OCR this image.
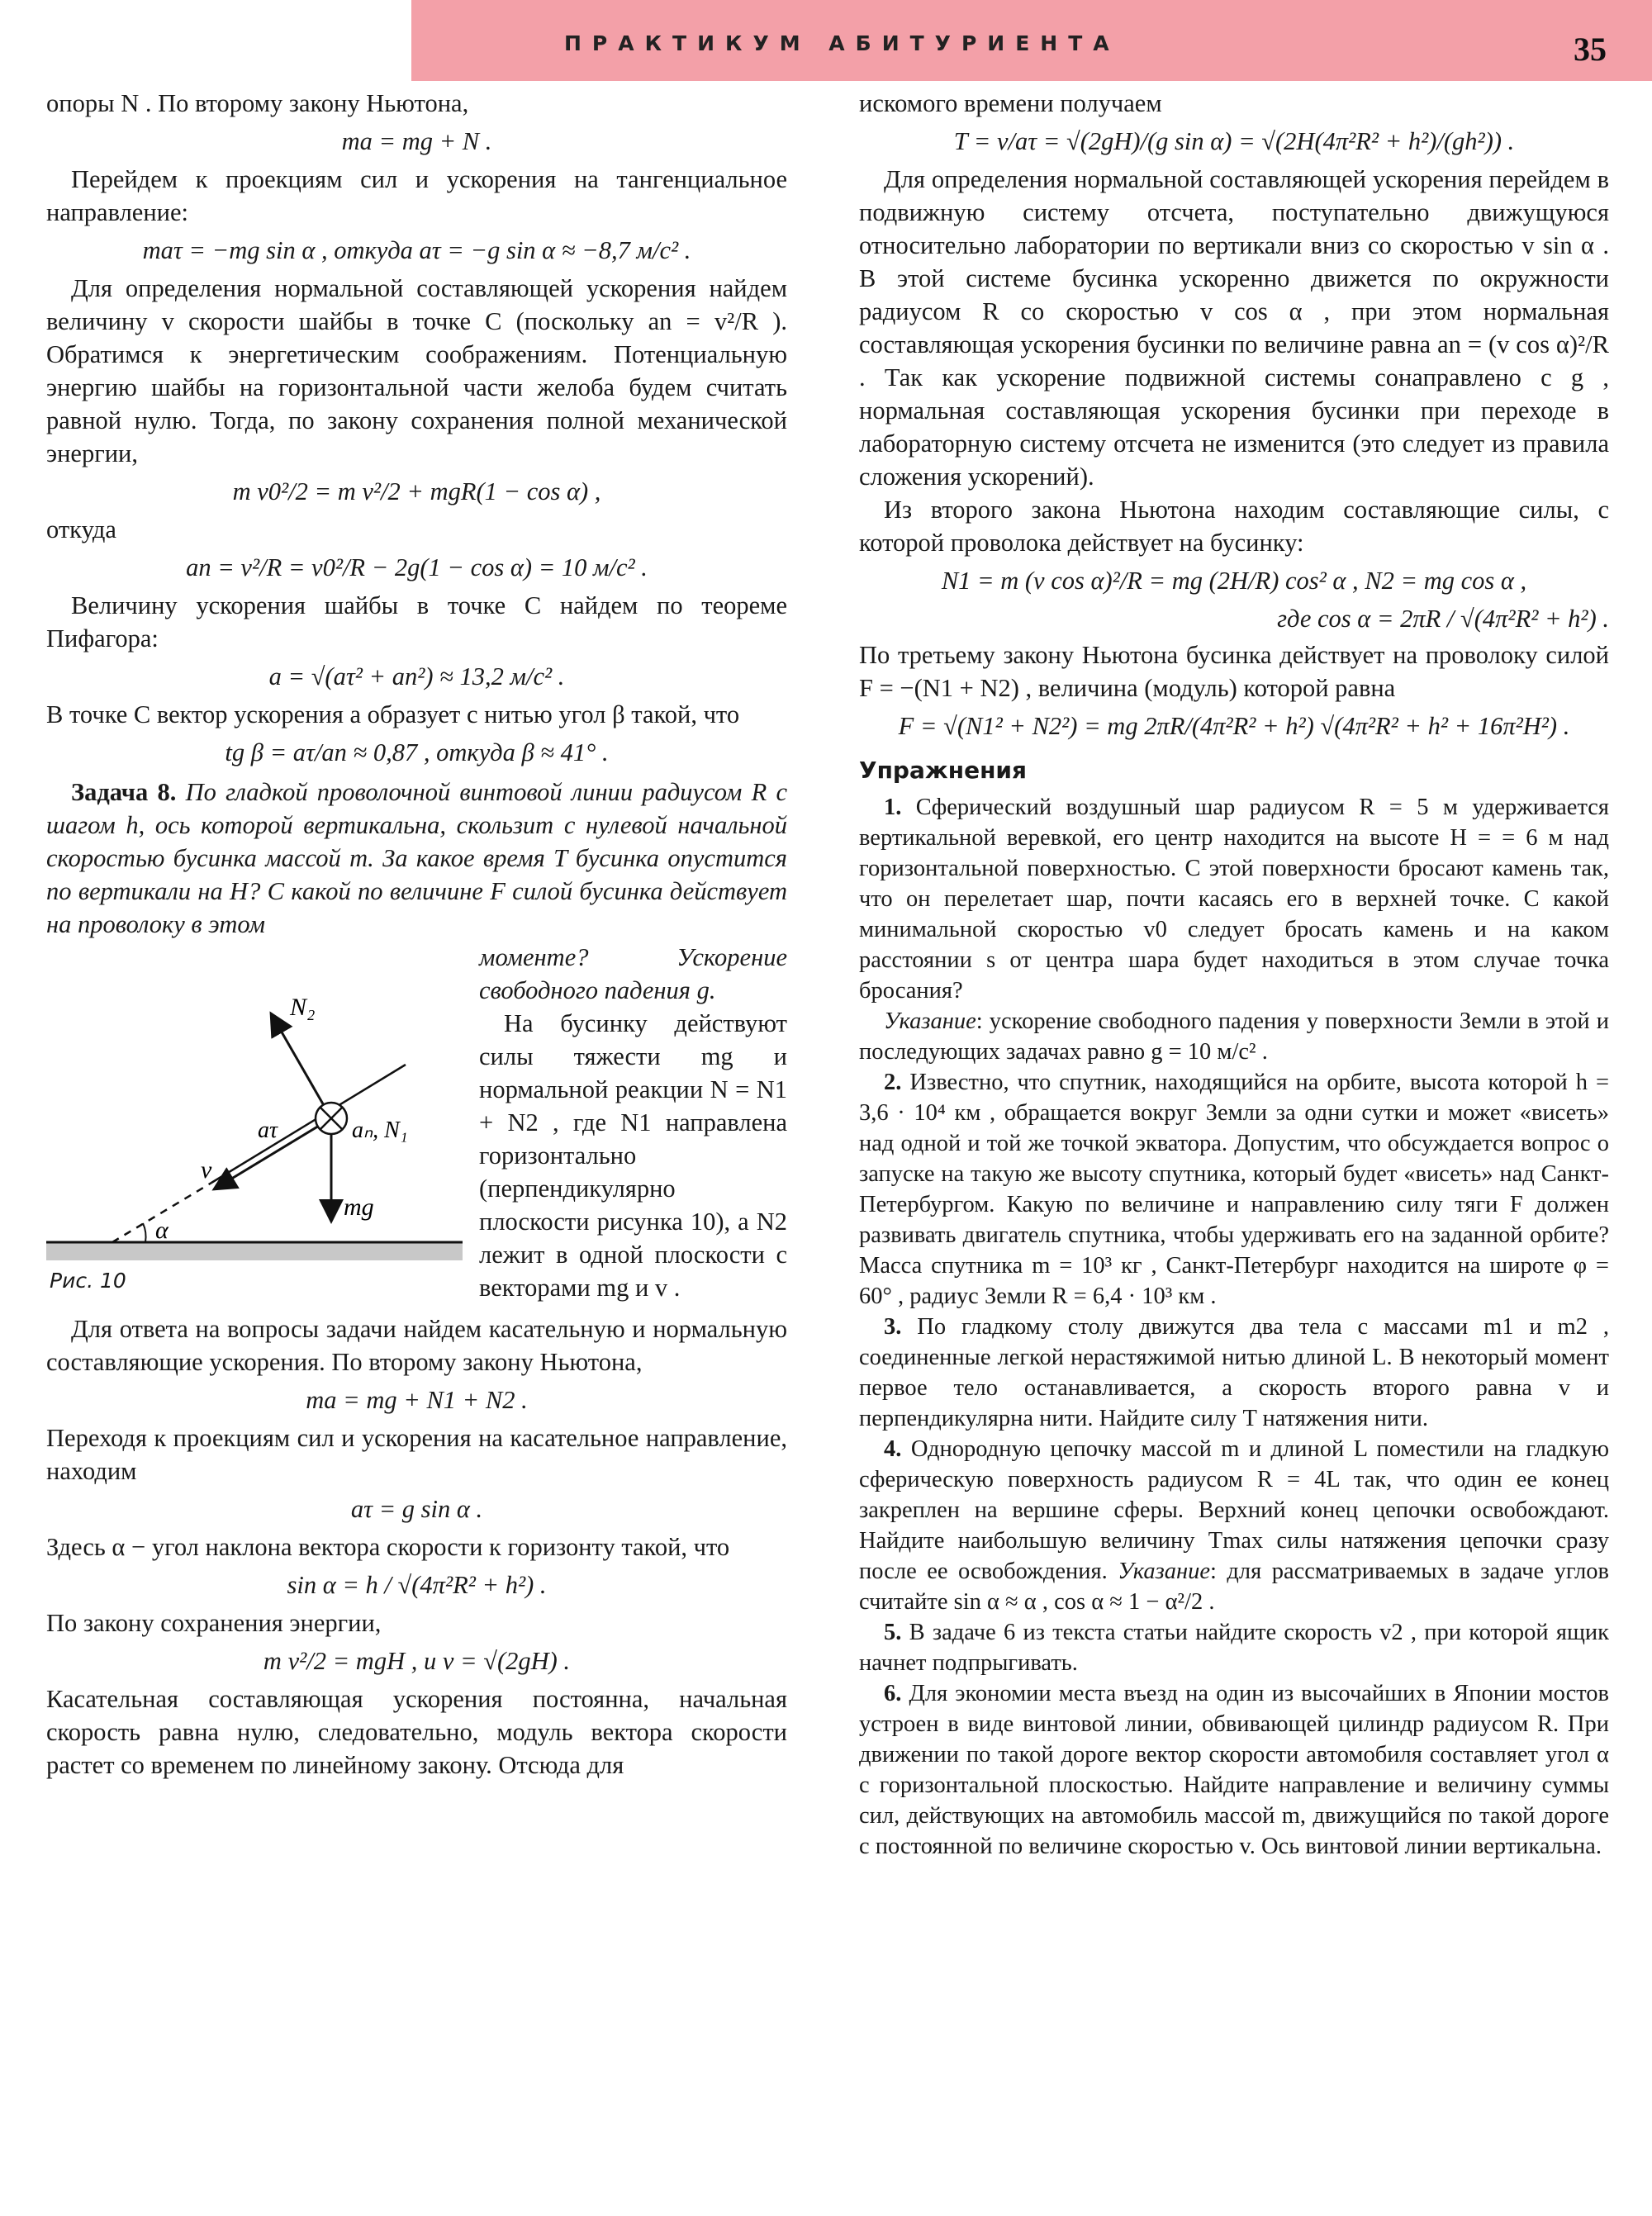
ПРАКТИКУМ АБИТУРИЕНТА	35

опоры N . По второму закону Ньютона,

ma = mg + N .

Перейдем к проекциям сил и ускорения на тангенциальное направление:

maτ = −mg sin α , откуда aτ = −g sin α ≈ −8,7 м/с² .

Для определения нормальной составляющей ускорения найдем величину v скорости шайбы в точке C (поскольку an = v²/R ). Обратимся к энергетическим соображениям. Потенциальную энергию шайбы на горизонтальной части желоба будем считать равной нулю. Тогда, по закону сохранения полной механической энергии,

m v0²/2 = m v²/2 + mgR(1 − cos α) ,

откуда

an = v²/R = v0²/R − 2g(1 − cos α) = 10 м/с² .

Величину ускорения шайбы в точке C найдем по теореме Пифагора:

a = √(aτ² + an²) ≈ 13,2 м/с² .

В точке C вектор ускорения a образует с нитью угол β такой, что

tg β = aτ/an ≈ 0,87 , откуда β ≈ 41° .

Задача 8. По гладкой проволочной винтовой линии радиусом R с шагом h, ось которой вертикальна, скользит с нулевой начальной скоростью бусинка массой m. За какое время T бусинка опустится по вертикали на H? С какой по величине F силой бусинка действует на проволоку в этом

N₂
aₙ, N₁
aτ
v
mg
α
Рис. 10

моменте? Ускорение свободного падения g.

На бусинку действуют силы тяжести mg и нормальной реакции N = N1 + N2 , где N1 направлена горизонтально (перпендикулярно плоскости рисунка 10), а N2 лежит в одной плоскости с векторами mg и v .

Для ответа на вопросы задачи найдем касательную и нормальную составляющие ускорения. По второму закону Ньютона,

ma = mg + N1 + N2 .

Переходя к проекциям сил и ускорения на касательное направление, находим

aτ = g sin α .

Здесь α − угол наклона вектора скорости к горизонту такой, что

sin α = h / √(4π²R² + h²) .

По закону сохранения энергии,

m v²/2 = mgH , и v = √(2gH) .

Касательная составляющая ускорения постоянна, начальная скорость равна нулю, следовательно, модуль вектора скорости растет со временем по линейному закону. Отсюда для

искомого времени получаем

T = v/aτ = √(2gH)/(g sin α) = √(2H(4π²R² + h²)/(gh²)) .

Для определения нормальной составляющей ускорения перейдем в подвижную систему отсчета, поступательно движущуюся относительно лаборатории по вертикали вниз со скоростью v sin α . В этой системе бусинка ускоренно движется по окружности радиусом R со скоростью v cos α , при этом нормальная составляющая ускорения бусинки по величине равна an = (v cos α)²/R . Так как ускорение подвижной системы сонаправлено с g , нормальная составляющая ускорения бусинки при переходе в лабораторную систему отсчета не изменится (это следует из правила сложения ускорений).

Из второго закона Ньютона находим составляющие силы, с которой проволока действует на бусинку:

N1 = m (v cos α)²/R = mg (2H/R) cos² α , N2 = mg cos α ,
где cos α = 2πR / √(4π²R² + h²) .

По третьему закону Ньютона бусинка действует на проволоку силой F = −(N1 + N2) , величина (модуль) которой равна

F = √(N1² + N2²) = mg 2πR/(4π²R² + h²) √(4π²R² + h² + 16π²H²) .
Упражнения

1. Сферический воздушный шар радиусом R = 5 м удерживается вертикальной веревкой, его центр находится на высоте H = = 6 м над горизонтальной поверхностью. С этой поверхности бросают камень так, что он перелетает шар, почти касаясь его в верхней точке. С какой минимальной скоростью v0 следует бросать камень и на каком расстоянии s от центра шара будет находиться в этом случае точка бросания?

Указание: ускорение свободного падения у поверхности Земли в этой и последующих задачах равно g = 10 м/с² .

2. Известно, что спутник, находящийся на орбите, высота которой h = 3,6 · 10⁴ км , обращается вокруг Земли за одни сутки и может «висеть» над одной и той же точкой экватора. Допустим, что обсуждается вопрос о запуске на такую же высоту спутника, который будет «висеть» над Санкт-Петербургом. Какую по величине и направлению силу тяги F должен развивать двигатель спутника, чтобы удерживать его на заданной орбите? Масса спутника m = 10³ кг , Санкт-Петербург находится на широте φ = 60° , радиус Земли R = 6,4 · 10³ км .

3. По гладкому столу движутся два тела с массами m1 и m2 , соединенные легкой нерастяжимой нитью длиной L. В некоторый момент первое тело останавливается, а скорость второго равна v и перпендикулярна нити. Найдите силу T натяжения нити.

4. Однородную цепочку массой m и длиной L поместили на гладкую сферическую поверхность радиусом R = 4L так, что один ее конец закреплен на вершине сферы. Верхний конец цепочки освобождают. Найдите наибольшую величину Tmax силы натяжения цепочки сразу после ее освобождения. Указание: для рассматриваемых в задаче углов считайте sin α ≈ α , cos α ≈ 1 − α²/2 .

5. В задаче 6 из текста статьи найдите скорость v2 , при которой ящик начнет подпрыгивать.

6. Для экономии места въезд на один из высочайших в Японии мостов устроен в виде винтовой линии, обвивающей цилиндр радиусом R. При движении по такой дороге вектор скорости автомобиля составляет угол α с горизонтальной плоскостью. Найдите направление и величину суммы сил, действующих на автомобиль массой m, движущийся по такой дороге с постоянной по величине скоростью v. Ось винтовой линии вертикальна.
